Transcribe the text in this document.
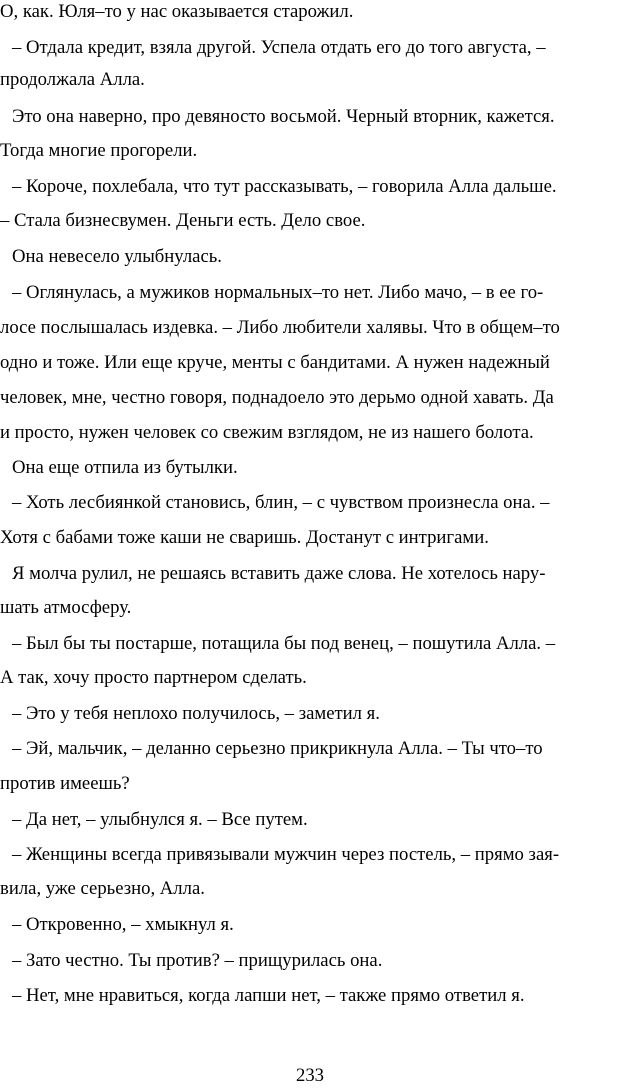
О, как. Юля–то у нас оказывается старожил.
– Отдала кредит, взяла другой. Успела отдать его до того августа, –
продолжала Алла.
Это она наверно, про девяносто восьмой. Черный вторник, кажется.
Тогда многие прогорели.
– Короче, похлебала, что тут рассказывать, – говорила Алла дальше.
– Стала бизнесвумен. Деньги есть. Дело свое.
Она невесело улыбнулась.
– Оглянулась, а мужиков нормальных–то нет. Либо мачо, – в ее го-
лосе послышалась издевка. – Либо любители халявы. Что в общем–то
одно и тоже. Или еще круче, менты с бандитами. А нужен надежный
человек, мне, честно говоря, поднадоело это дерьмо одной хавать. Да
и просто, нужен человек со свежим взглядом, не из нашего болота.
Она еще отпила из бутылки.
– Хоть лесбиянкой становись, блин, – с чувством произнесла она. –
Хотя с бабами тоже каши не сваришь. Достанут с интригами.
Я молча рулил, не решаясь вставить даже слова. Не хотелось нару-
шать атмосферу.
– Был бы ты постарше, потащила бы под венец, – пошутила Алла. –
А так, хочу просто партнером сделать.
– Это у тебя неплохо получилось, – заметил я.
– Эй, мальчик, – деланно серьезно прикрикнула Алла. – Ты что–то
против имеешь?
– Да нет, – улыбнулся я. – Все путем.
– Женщины всегда привязывали мужчин через постель, – прямо зая-
вила, уже серьезно, Алла.
– Откровенно, – хмыкнул я.
– Зато честно. Ты против? – прищурилась она.
– Нет, мне нравиться, когда лапши нет, – также прямо ответил я.
233
